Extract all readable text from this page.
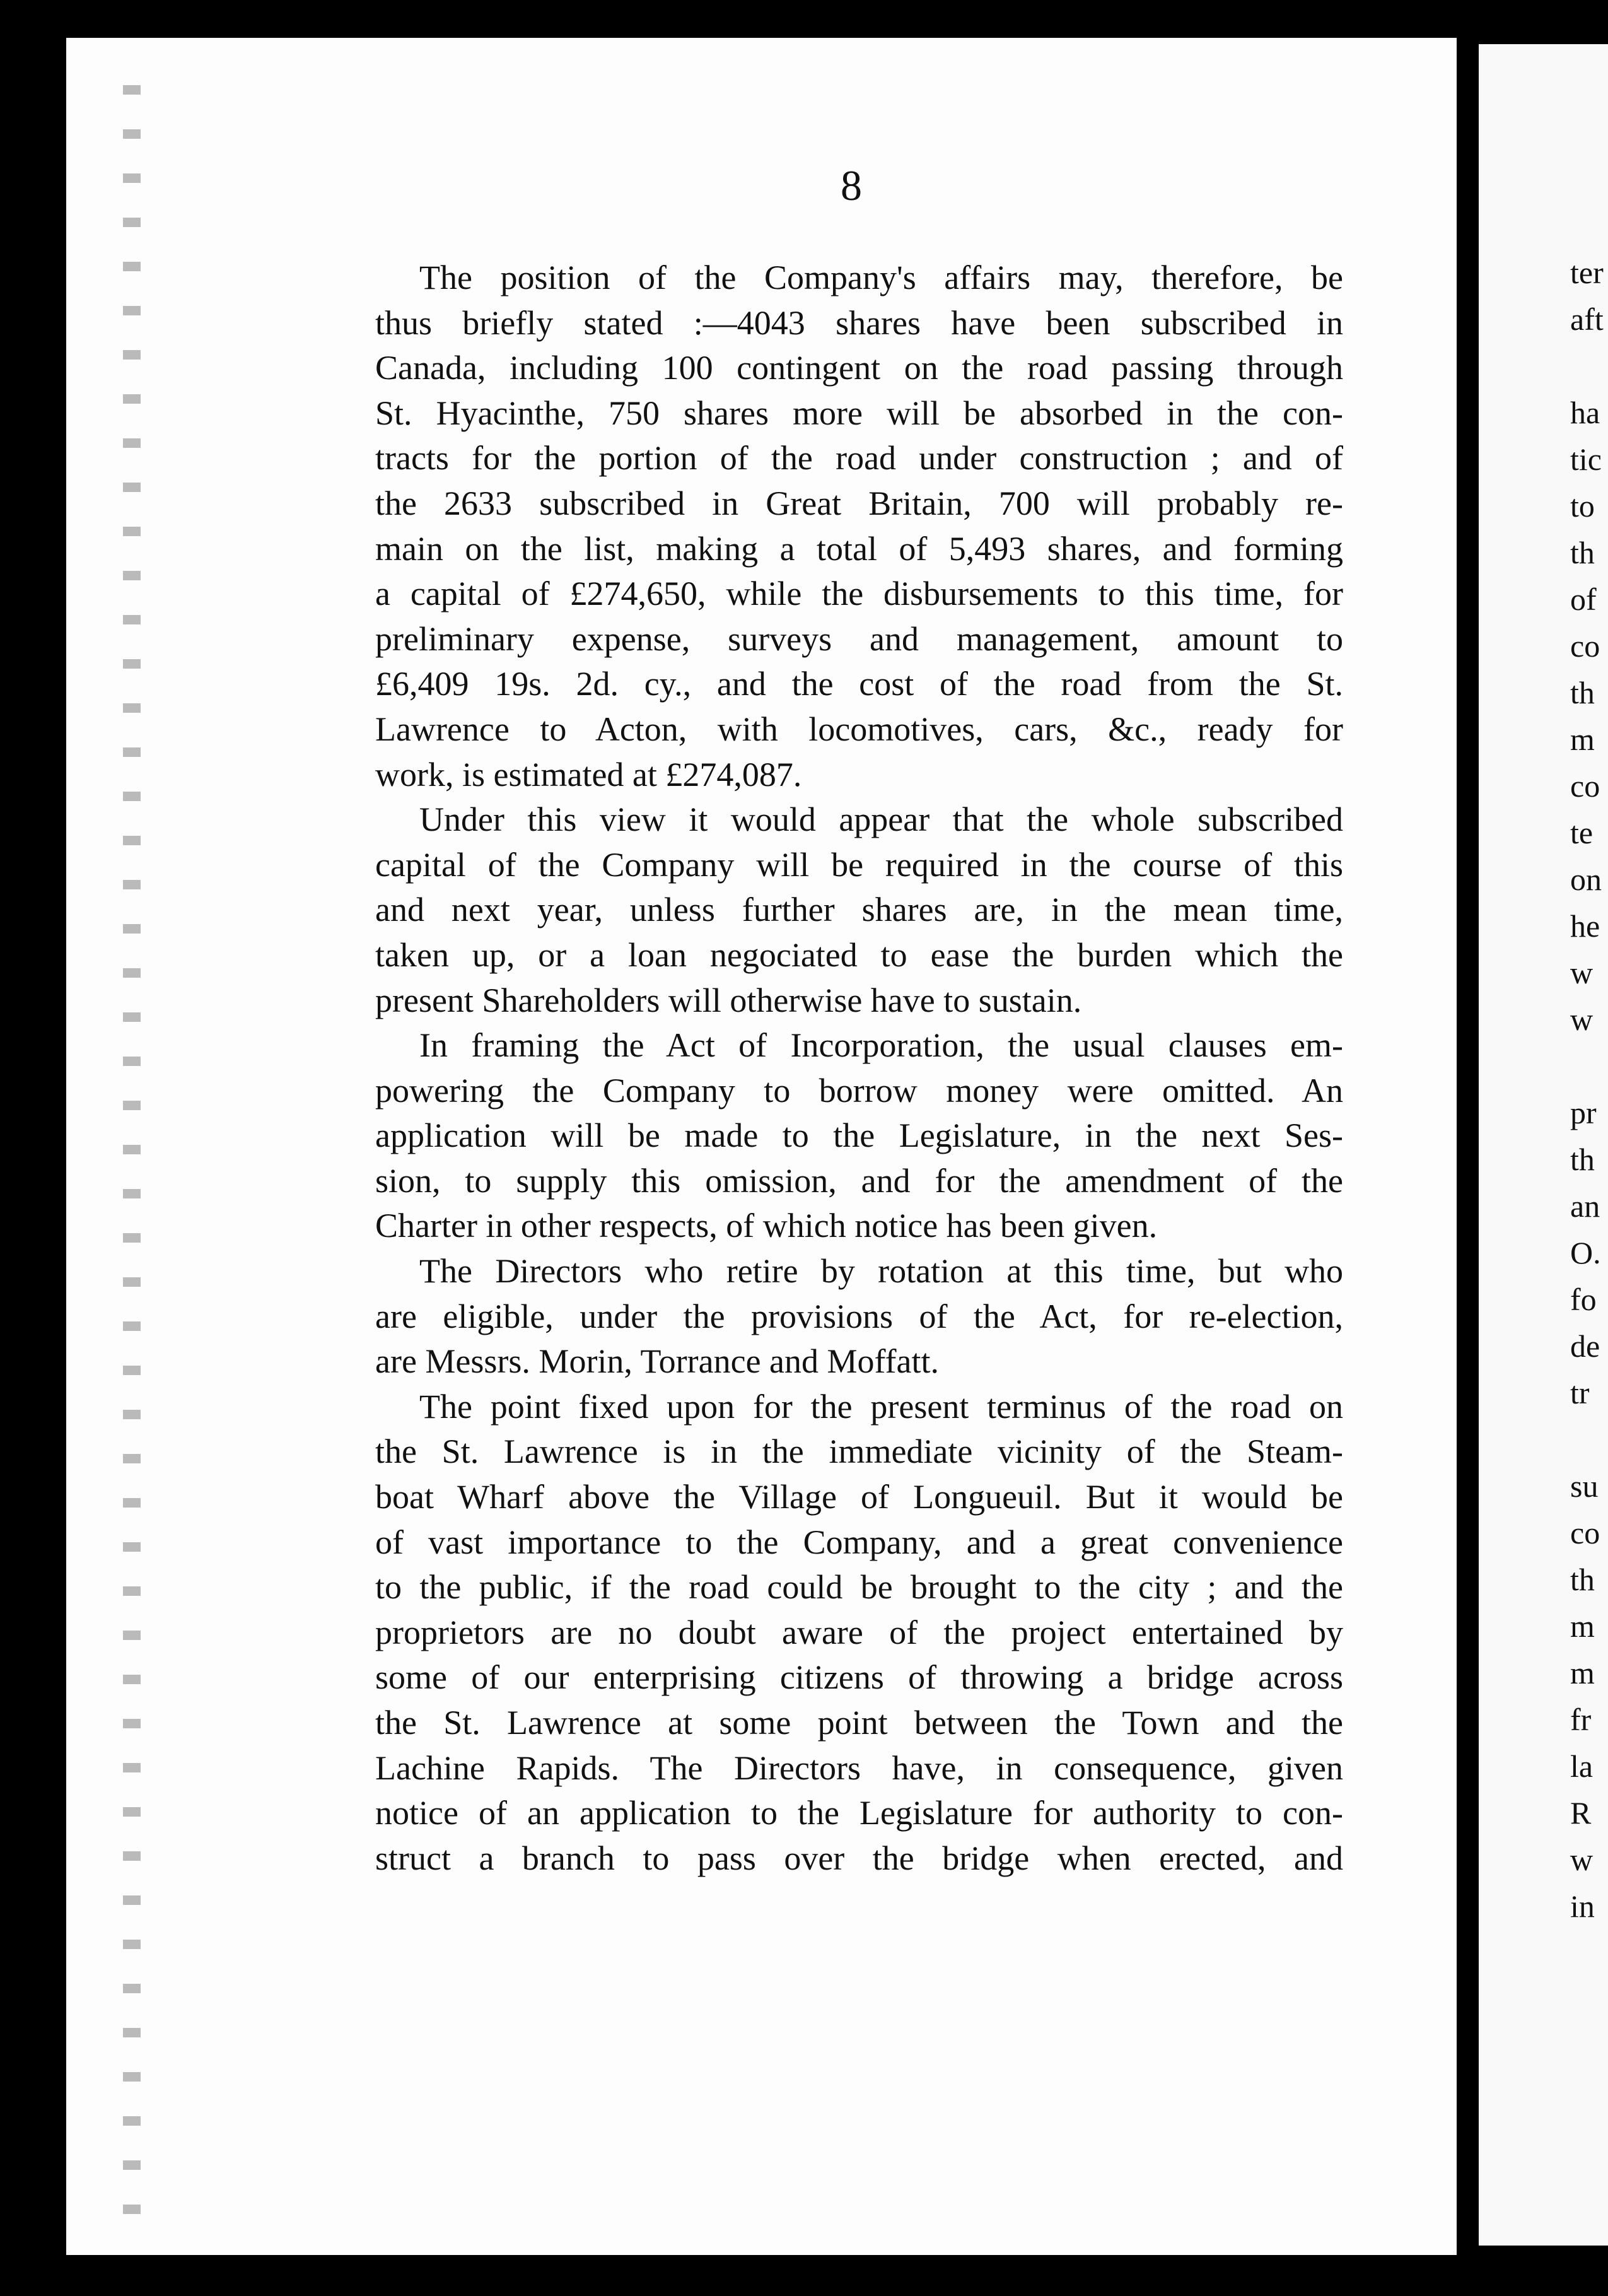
8

The position of the Company's affairs may, therefore, be
thus briefly stated :—4043 shares have been subscribed in
Canada, including 100 contingent on the road passing through
St. Hyacinthe, 750 shares more will be absorbed in the con-
tracts for the portion of the road under construction ; and of
the 2633 subscribed in Great Britain, 700 will probably re-
main on the list, making a total of 5,493 shares, and forming
a capital of £274,650, while the disbursements to this time, for
preliminary expense, surveys and management, amount to
£6,409 19s. 2d. cy., and the cost of the road from the St.
Lawrence to Acton, with locomotives, cars, &c., ready for
work, is estimated at £274,087.

Under this view it would appear that the whole subscribed
capital of the Company will be required in the course of this
and next year, unless further shares are, in the mean time,
taken up, or a loan negociated to ease the burden which the
present Shareholders will otherwise have to sustain.

In framing the Act of Incorporation, the usual clauses em-
powering the Company to borrow money were omitted. An
application will be made to the Legislature, in the next Ses-
sion, to supply this omission, and for the amendment of the
Charter in other respects, of which notice has been given.

The Directors who retire by rotation at this time, but who
are eligible, under the provisions of the Act, for re-election,
are Messrs. Morin, Torrance and Moffatt.

The point fixed upon for the present terminus of the road on
the St. Lawrence is in the immediate vicinity of the Steam-
boat Wharf above the Village of Longueuil. But it would be
of vast importance to the Company, and a great convenience
to the public, if the road could be brought to the city ; and the
proprietors are no doubt aware of the project entertained by
some of our enterprising citizens of throwing a bridge across
the St. Lawrence at some point between the Town and the
Lachine Rapids. The Directors have, in consequence, given
notice of an application to the Legislature for authority to con-
struct a branch to pass over the bridge when erected, and

ter
aft
ha
tic
to
th
of
co
th
m
co
te
on
he
w
w
pr
th
an
O.
fo
de
tr
su
co
th
m
m
fr
la
R
w
in
